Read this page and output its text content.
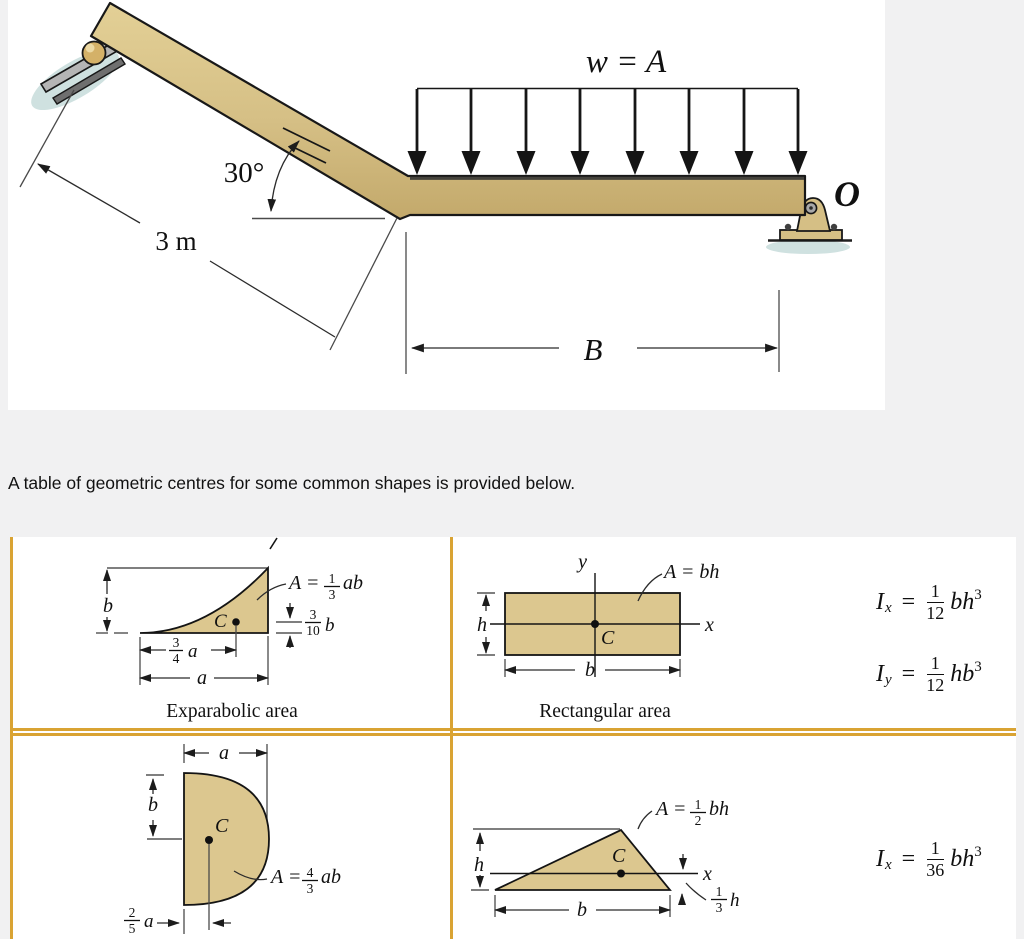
w = A
O
30°
3 m
B
A table of geometric centres for some common shapes is provided below.
b
C
A = 1
3
ab
3
10 b
3
4 a
a
Exparabolic area
y
x
C
A = bh
h
b
Rectangular area
a
b
C
A = 4
3
ab
2
5 a
h	x
C
b
A = 1
2
bh
1
3 h
I $x = \frac{1}{12}$ bh 3
I $y = \frac{1}{12}$ hb 3
I $x = \frac{1}{36}$ bh 3
